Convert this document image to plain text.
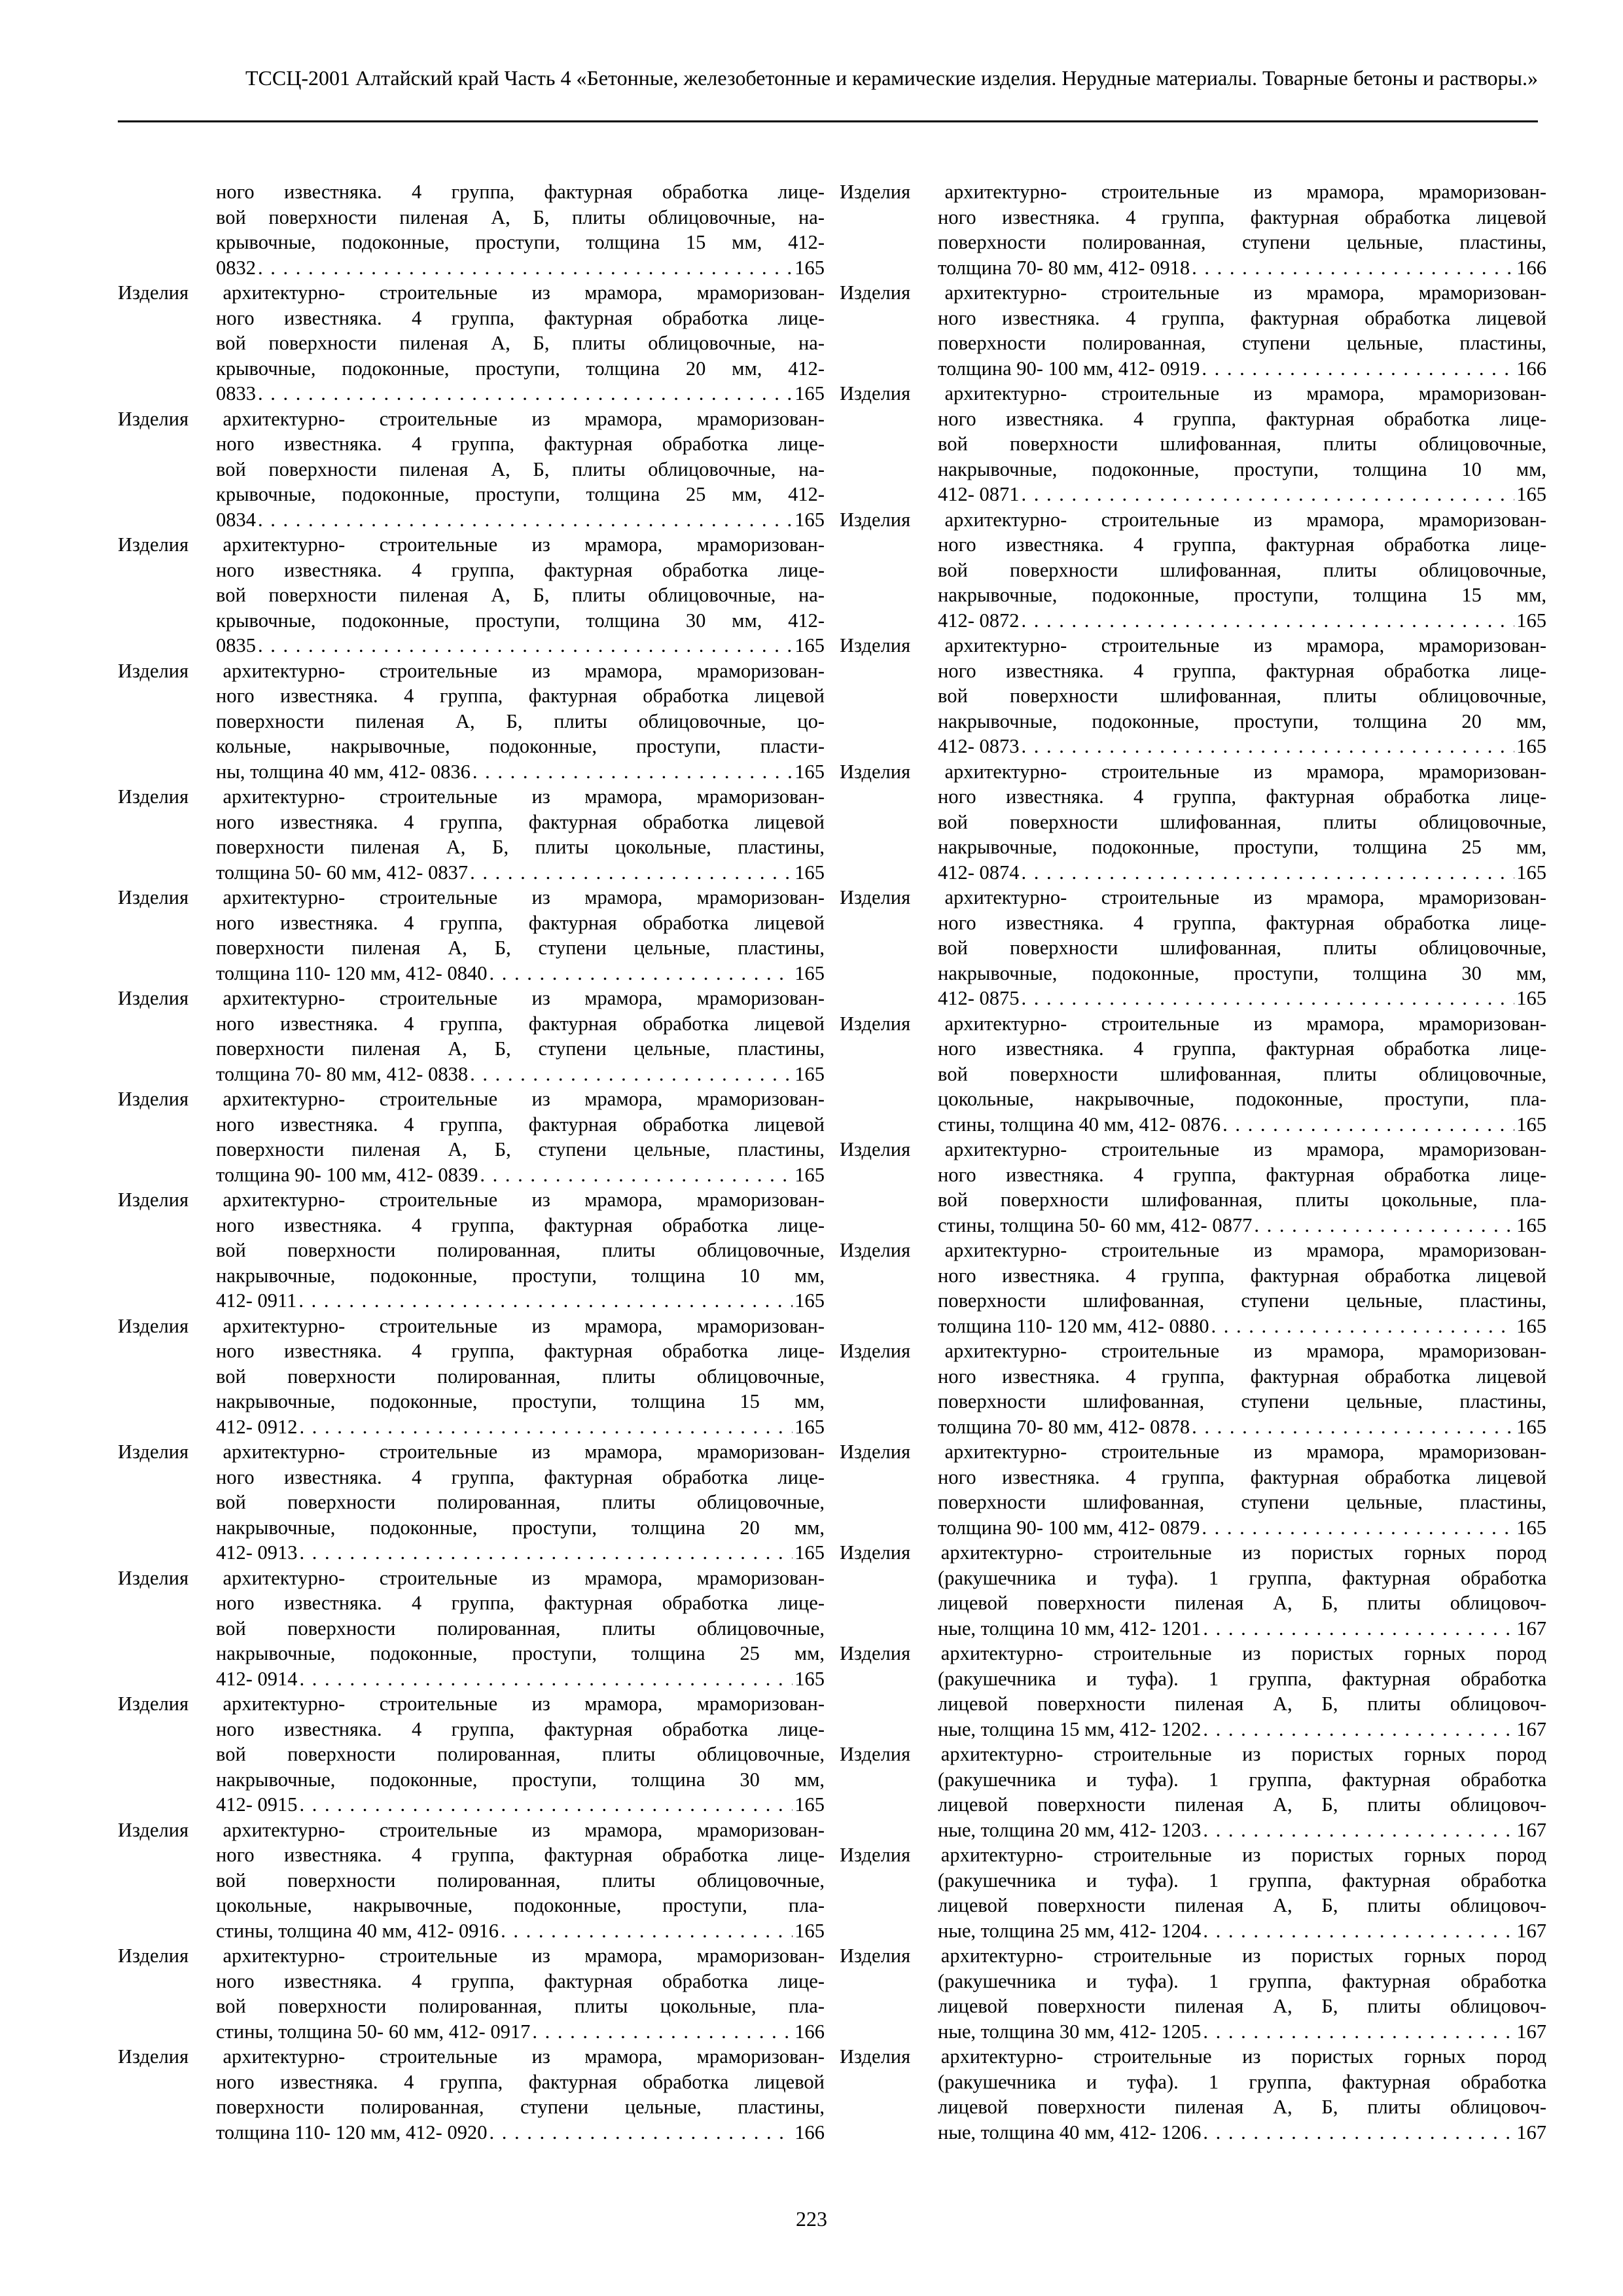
ТССЦ-2001 Алтайский край Часть 4 «Бетонные, железобетонные и керамические изделия. Нерудные материалы. Товарные бетоны и растворы.»
ного известняка. 4 группа, фактурная обработка лице-
вой поверхности пиленая А, Б, плиты облицовочные, на-
крывочные, подоконные, проступи, толщина 15 мм, 412-
0832 . . .	165
Изделия архитектурно- строительные из мрамора, мраморизован-
ного известняка. 4 группа, фактурная обработка лице-
вой поверхности пиленая А, Б, плиты облицовочные, на-
крывочные, подоконные, проступи, толщина 20 мм, 412-
0833 . . .	165
Изделия архитектурно- строительные из мрамора, мраморизован-
ного известняка. 4 группа, фактурная обработка лице-
вой поверхности пиленая А, Б, плиты облицовочные, на-
крывочные, подоконные, проступи, толщина 25 мм, 412-
0834 . . .	165
Изделия архитектурно- строительные из мрамора, мраморизован-
ного известняка. 4 группа, фактурная обработка лице-
вой поверхности пиленая А, Б, плиты облицовочные, на-
крывочные, подоконные, проступи, толщина 30 мм, 412-
0835 . . .	165
Изделия архитектурно- строительные из мрамора, мраморизован-
ного известняка. 4 группа, фактурная обработка лицевой
поверхности пиленая А, Б, плиты облицовочные, цо-
кольные, накрывочные, подоконные, проступи, пласти-
ны, толщина 40 мм, 412- 0836 . . .	165
Изделия архитектурно- строительные из мрамора, мраморизован-
ного известняка. 4 группа, фактурная обработка лицевой
поверхности пиленая А, Б, плиты цокольные, пластины,
толщина 50- 60 мм, 412- 0837 . . .	165
Изделия архитектурно- строительные из мрамора, мраморизован-
ного известняка. 4 группа, фактурная обработка лицевой
поверхности пиленая А, Б, ступени цельные, пластины,
толщина 110- 120 мм, 412- 0840 . . .	165
Изделия архитектурно- строительные из мрамора, мраморизован-
ного известняка. 4 группа, фактурная обработка лицевой
поверхности пиленая А, Б, ступени цельные, пластины,
толщина 70- 80 мм, 412- 0838 . . .	165
Изделия архитектурно- строительные из мрамора, мраморизован-
ного известняка. 4 группа, фактурная обработка лицевой
поверхности пиленая А, Б, ступени цельные, пластины,
толщина 90- 100 мм, 412- 0839 . . .	165
Изделия архитектурно- строительные из мрамора, мраморизован-
ного известняка. 4 группа, фактурная обработка лице-
вой поверхности полированная, плиты облицовочные,
накрывочные, подоконные, проступи, толщина 10 мм,
412- 0911 . . .	165
Изделия архитектурно- строительные из мрамора, мраморизован-
ного известняка. 4 группа, фактурная обработка лице-
вой поверхности полированная, плиты облицовочные,
накрывочные, подоконные, проступи, толщина 15 мм,
412- 0912 . . .	165
Изделия архитектурно- строительные из мрамора, мраморизован-
ного известняка. 4 группа, фактурная обработка лице-
вой поверхности полированная, плиты облицовочные,
накрывочные, подоконные, проступи, толщина 20 мм,
412- 0913 . . .	165
Изделия архитектурно- строительные из мрамора, мраморизован-
ного известняка. 4 группа, фактурная обработка лице-
вой поверхности полированная, плиты облицовочные,
накрывочные, подоконные, проступи, толщина 25 мм,
412- 0914 . . .	165
Изделия архитектурно- строительные из мрамора, мраморизован-
ного известняка. 4 группа, фактурная обработка лице-
вой поверхности полированная, плиты облицовочные,
накрывочные, подоконные, проступи, толщина 30 мм,
412- 0915 . . .	165
Изделия архитектурно- строительные из мрамора, мраморизован-
ного известняка. 4 группа, фактурная обработка лице-
вой поверхности полированная, плиты облицовочные,
цокольные, накрывочные, подоконные, проступи, пла-
стины, толщина 40 мм, 412- 0916 . . .	165
Изделия архитектурно- строительные из мрамора, мраморизован-
ного известняка. 4 группа, фактурная обработка лице-
вой поверхности полированная, плиты цокольные, пла-
стины, толщина 50- 60 мм, 412- 0917 . . .	166
Изделия архитектурно- строительные из мрамора, мраморизован-
ного известняка. 4 группа, фактурная обработка лицевой
поверхности полированная, ступени цельные, пластины,
толщина 110- 120 мм, 412- 0920 . . .	166
Изделия архитектурно- строительные из мрамора, мраморизован-
ного известняка. 4 группа, фактурная обработка лицевой
поверхности полированная, ступени цельные, пластины,
толщина 70- 80 мм, 412- 0918 . . .	166
Изделия архитектурно- строительные из мрамора, мраморизован-
ного известняка. 4 группа, фактурная обработка лицевой
поверхности полированная, ступени цельные, пластины,
толщина 90- 100 мм, 412- 0919 . . .	166
Изделия архитектурно- строительные из мрамора, мраморизован-
ного известняка. 4 группа, фактурная обработка лице-
вой поверхности шлифованная, плиты облицовочные,
накрывочные, подоконные, проступи, толщина 10 мм,
412- 0871 . . .	165
Изделия архитектурно- строительные из мрамора, мраморизован-
ного известняка. 4 группа, фактурная обработка лице-
вой поверхности шлифованная, плиты облицовочные,
накрывочные, подоконные, проступи, толщина 15 мм,
412- 0872 . . .	165
Изделия архитектурно- строительные из мрамора, мраморизован-
ного известняка. 4 группа, фактурная обработка лице-
вой поверхности шлифованная, плиты облицовочные,
накрывочные, подоконные, проступи, толщина 20 мм,
412- 0873 . . .	165
Изделия архитектурно- строительные из мрамора, мраморизован-
ного известняка. 4 группа, фактурная обработка лице-
вой поверхности шлифованная, плиты облицовочные,
накрывочные, подоконные, проступи, толщина 25 мм,
412- 0874 . . .	165
Изделия архитектурно- строительные из мрамора, мраморизован-
ного известняка. 4 группа, фактурная обработка лице-
вой поверхности шлифованная, плиты облицовочные,
накрывочные, подоконные, проступи, толщина 30 мм,
412- 0875 . . .	165
Изделия архитектурно- строительные из мрамора, мраморизован-
ного известняка. 4 группа, фактурная обработка лице-
вой поверхности шлифованная, плиты облицовочные,
цокольные, накрывочные, подоконные, проступи, пла-
стины, толщина 40 мм, 412- 0876 . . .	165
Изделия архитектурно- строительные из мрамора, мраморизован-
ного известняка. 4 группа, фактурная обработка лице-
вой поверхности шлифованная, плиты цокольные, пла-
стины, толщина 50- 60 мм, 412- 0877 . . .	165
Изделия архитектурно- строительные из мрамора, мраморизован-
ного известняка. 4 группа, фактурная обработка лицевой
поверхности шлифованная, ступени цельные, пластины,
толщина 110- 120 мм, 412- 0880 . . .	165
Изделия архитектурно- строительные из мрамора, мраморизован-
ного известняка. 4 группа, фактурная обработка лицевой
поверхности шлифованная, ступени цельные, пластины,
толщина 70- 80 мм, 412- 0878 . . .	165
Изделия архитектурно- строительные из мрамора, мраморизован-
ного известняка. 4 группа, фактурная обработка лицевой
поверхности шлифованная, ступени цельные, пластины,
толщина 90- 100 мм, 412- 0879 . . .	165
Изделия архитектурно- строительные из пористых горных пород
(ракушечника и туфа). 1 группа, фактурная обработка
лицевой поверхности пиленая А, Б, плиты облицовоч-
ные, толщина 10 мм, 412- 1201 . . .	167
Изделия архитектурно- строительные из пористых горных пород
(ракушечника и туфа). 1 группа, фактурная обработка
лицевой поверхности пиленая А, Б, плиты облицовоч-
ные, толщина 15 мм, 412- 1202 . . .	167
Изделия архитектурно- строительные из пористых горных пород
(ракушечника и туфа). 1 группа, фактурная обработка
лицевой поверхности пиленая А, Б, плиты облицовоч-
ные, толщина 20 мм, 412- 1203 . . .	167
Изделия архитектурно- строительные из пористых горных пород
(ракушечника и туфа). 1 группа, фактурная обработка
лицевой поверхности пиленая А, Б, плиты облицовоч-
ные, толщина 25 мм, 412- 1204 . . .	167
Изделия архитектурно- строительные из пористых горных пород
(ракушечника и туфа). 1 группа, фактурная обработка
лицевой поверхности пиленая А, Б, плиты облицовоч-
ные, толщина 30 мм, 412- 1205 . . .	167
Изделия архитектурно- строительные из пористых горных пород
(ракушечника и туфа). 1 группа, фактурная обработка
лицевой поверхности пиленая А, Б, плиты облицовоч-
ные, толщина 40 мм, 412- 1206 . . .	167
223
